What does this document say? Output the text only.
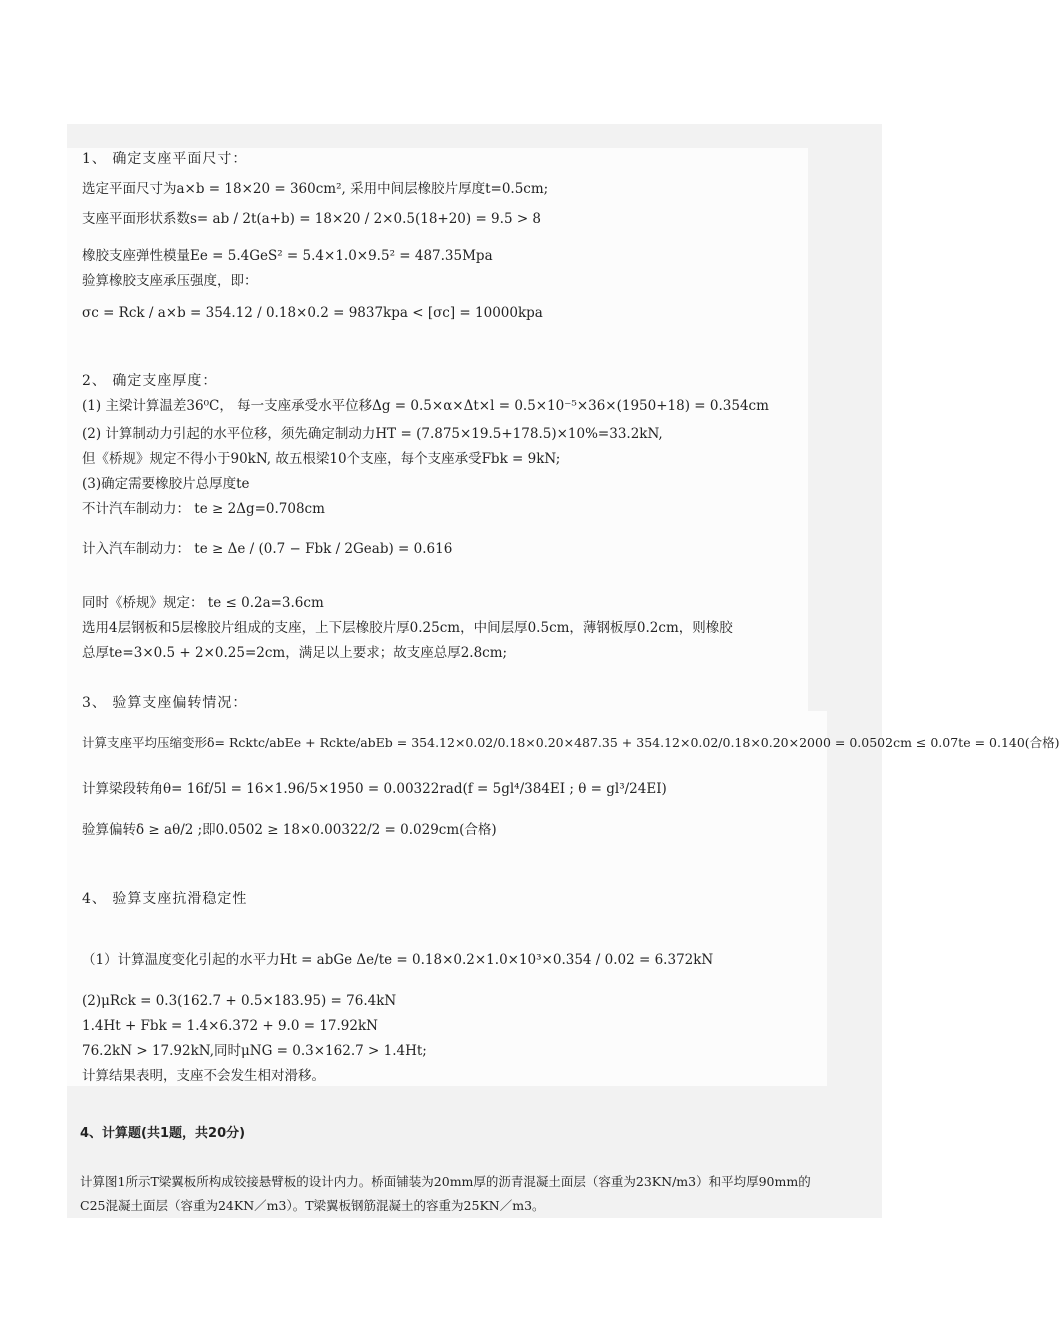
1、 确定支座平面尺寸：
选定平面尺寸为a×b = 18×20 = 360cm², 采用中间层橡胶片厚度t=0.5cm;
支座平面形状系数s= ab / 2t(a+b) = 18×20 / 2×0.5(18+20) = 9.5 > 8
橡胶支座弹性模量Ee = 5.4GeS² = 5.4×1.0×9.5² = 487.35Mpa
验算橡胶支座承压强度，即：
σc = Rck / a×b = 354.12 / 0.18×0.2 = 9837kpa < [σc] = 10000kpa
2、 确定支座厚度：
(1) 主梁计算温差36⁰C， 每一支座承受水平位移Δg = 0.5×α×Δt×l = 0.5×10⁻⁵×36×(1950+18) = 0.354cm
(2) 计算制动力引起的水平位移，须先确定制动力HT = (7.875×19.5+178.5)×10%=33.2kN,
但《桥规》规定不得小于90kN, 故五根梁10个支座，每个支座承受Fbk = 9kN;
(3)确定需要橡胶片总厚度te
不计汽车制动力： te ≥ 2Δg=0.708cm
计入汽车制动力： te ≥ Δe / (0.7 − Fbk / 2Geab) = 0.616
同时《桥规》规定： te ≤ 0.2a=3.6cm
选用4层钢板和5层橡胶片组成的支座，上下层橡胶片厚0.25cm，中间层厚0.5cm，薄钢板厚0.2cm，则橡胶
总厚te=3×0.5 + 2×0.25=2cm，满足以上要求；故支座总厚2.8cm;
3、 验算支座偏转情况：
计算支座平均压缩变形δ= Rcktc/abEe + Rckte/abEb = 354.12×0.02/0.18×0.20×487.35 + 354.12×0.02/0.18×0.20×2000 = 0.0502cm ≤ 0.07te = 0.140(合格)
计算梁段转角θ= 16f/5l = 16×1.96/5×1950 = 0.00322rad(f = 5gl⁴/384EI ; θ = gl³/24EI)
验算偏转δ ≥ aθ/2 ;即0.0502 ≥ 18×0.00322/2 = 0.029cm(合格)
4、 验算支座抗滑稳定性
（1）计算温度变化引起的水平力Ht = abGe Δe/te = 0.18×0.2×1.0×10³×0.354 / 0.02 = 6.372kN
(2)μRck = 0.3(162.7 + 0.5×183.95) = 76.4kN
1.4Ht + Fbk = 1.4×6.372 + 9.0 = 17.92kN
76.2kN > 17.92kN,同时μNG = 0.3×162.7 > 1.4Ht;
计算结果表明，支座不会发生相对滑移。
4、计算题(共1题，共20分)
计算图1所示T梁翼板所构成铰接悬臂板的设计内力。桥面铺装为20mm厚的沥青混凝土面层（容重为23KN/m3）和平均厚90mm的
C25混凝土面层（容重为24KN／m3）。T梁翼板钢筋混凝土的容重为25KN／m3。
